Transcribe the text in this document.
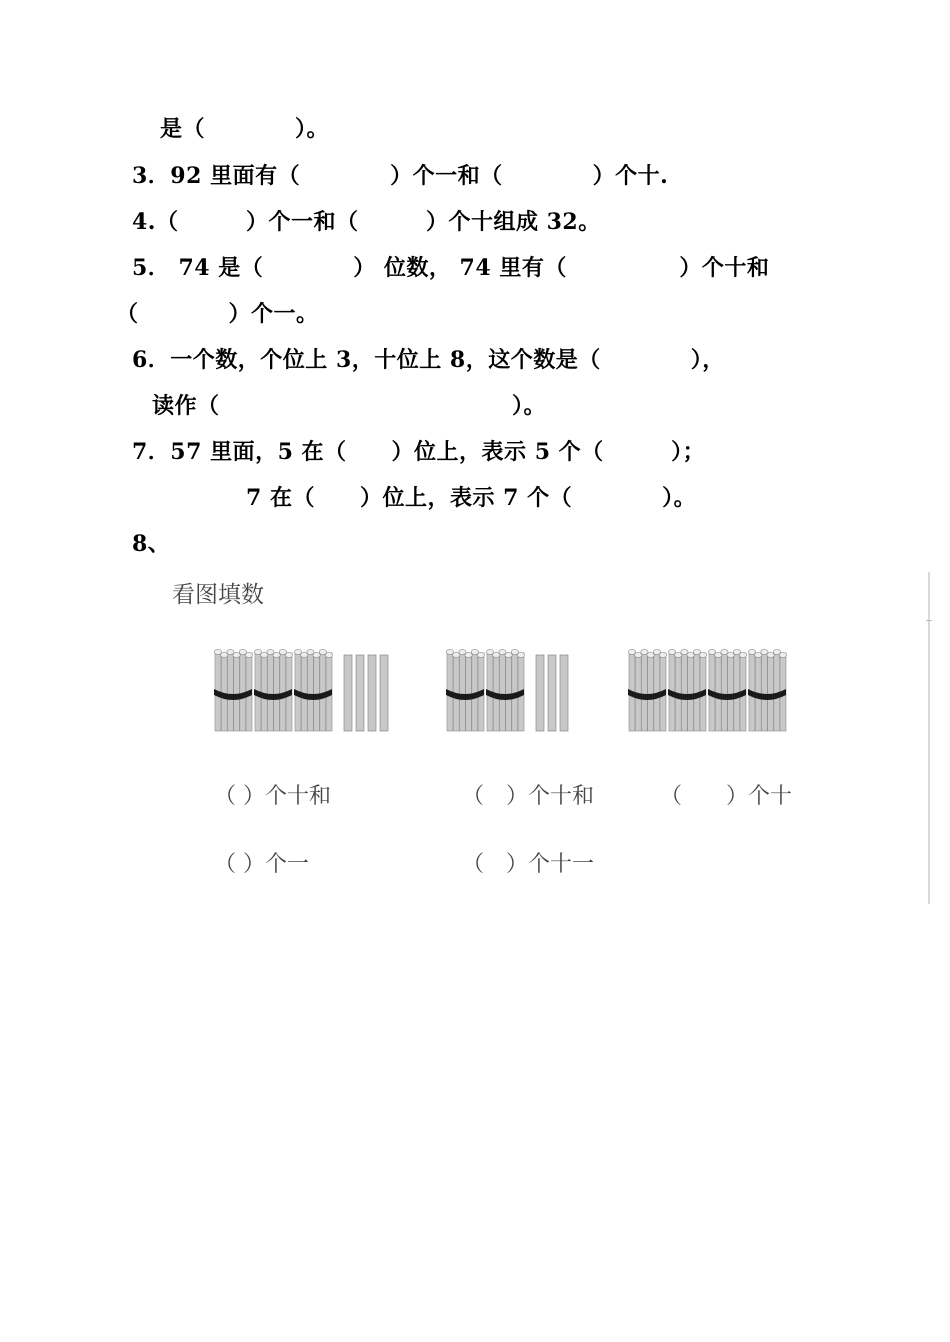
是（　　　　）。
3．92 里面有（　　　　）个一和（　　　　）个十.
4.（　　　）个一和（　　　）个十组成 32。
5． 74 是（　　　　） 位数， 74 里有（　　　　　）个十和
（　　　　）个一。
6．一个数，个位上 3，十位上 8，这个数是（　　　　），
读作（　　　　　　　　　　　　　）。
7．57 里面，5 在（　　）位上，表示 5 个（　　　）；
7 在（　　）位上，表示 7 个（　　　　）。
8、
看图填数
（ ）个十和	（　）个十和	（　　）个十
（ ）个一	（　）个十一
